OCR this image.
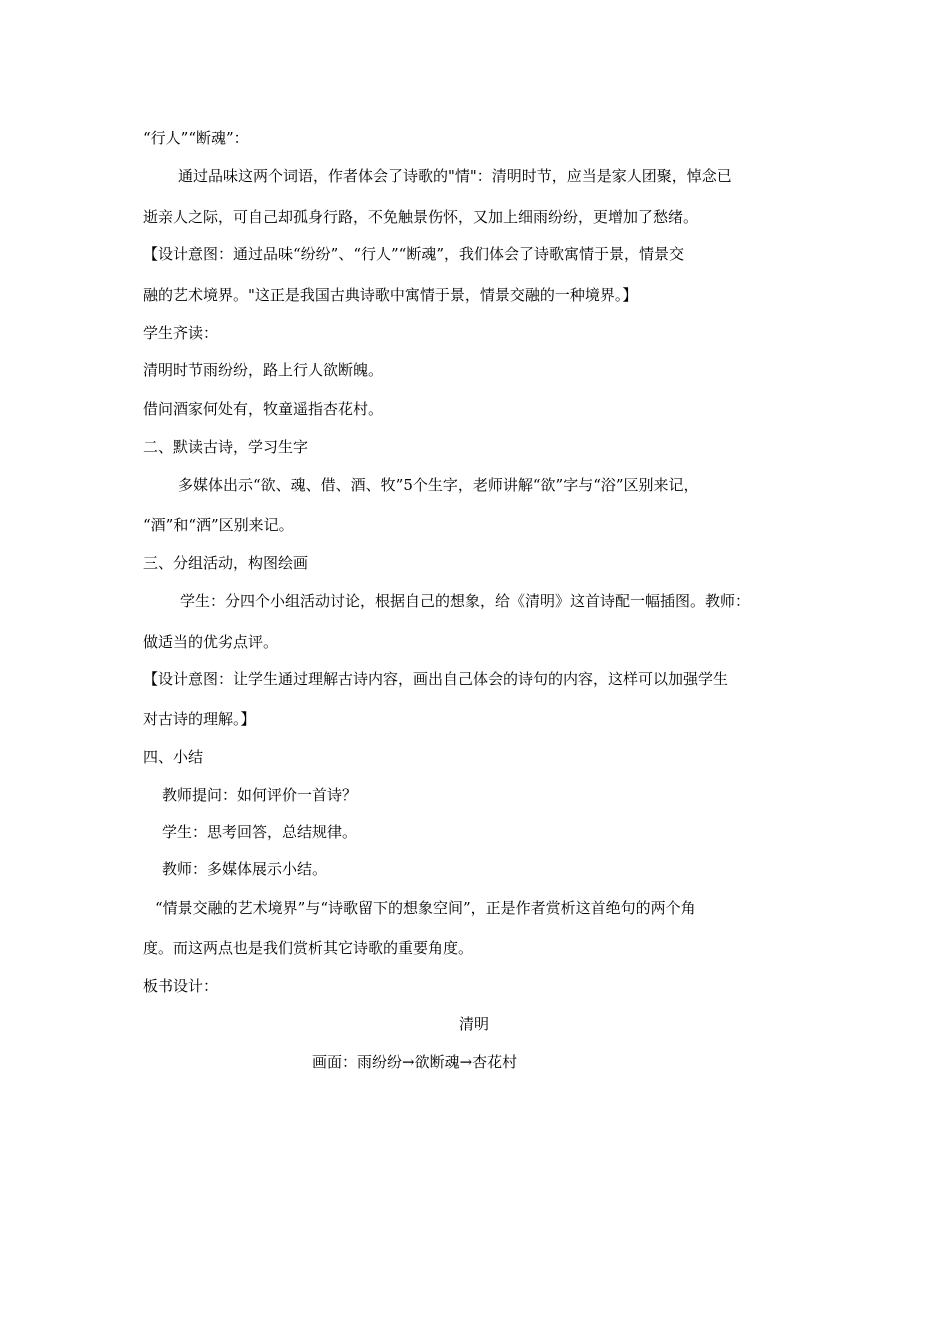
“行人”“断魂”：
通过品味这两个词语，作者体会了诗歌的"情"：清明时节，应当是家人团聚，悼念已
逝亲人之际，可自己却孤身行路，不免触景伤怀，又加上细雨纷纷，更增加了愁绪。
【设计意图：通过品味“纷纷”、“行人”“断魂”，我们体会了诗歌寓情于景，情景交
融的艺术境界。"这正是我国古典诗歌中寓情于景，情景交融的一种境界。】
学生齐读：
清明时节雨纷纷，路上行人欲断魄。
借问酒家何处有，牧童遥指杏花村。
二、默读古诗，学习生字
多媒体出示“欲、魂、借、酒、牧”5个生字，老师讲解“欲”字与“浴”区别来记，
“酒”和“洒”区别来记。
三、分组活动，构图绘画
学生：分四个小组活动讨论，根据自己的想象，给《清明》这首诗配一幅插图。教师：
做适当的优劣点评。
【设计意图：让学生通过理解古诗内容，画出自己体会的诗句的内容，这样可以加强学生
对古诗的理解。】
四、小结
教师提问：如何评价一首诗？
学生：思考回答，总结规律。
教师：多媒体展示小结。
“情景交融的艺术境界”与“诗歌留下的想象空间”，正是作者赏析这首绝句的两个角
度。而这两点也是我们赏析其它诗歌的重要角度。
板书设计：
清明
画面：雨纷纷→欲断魂→杏花村
